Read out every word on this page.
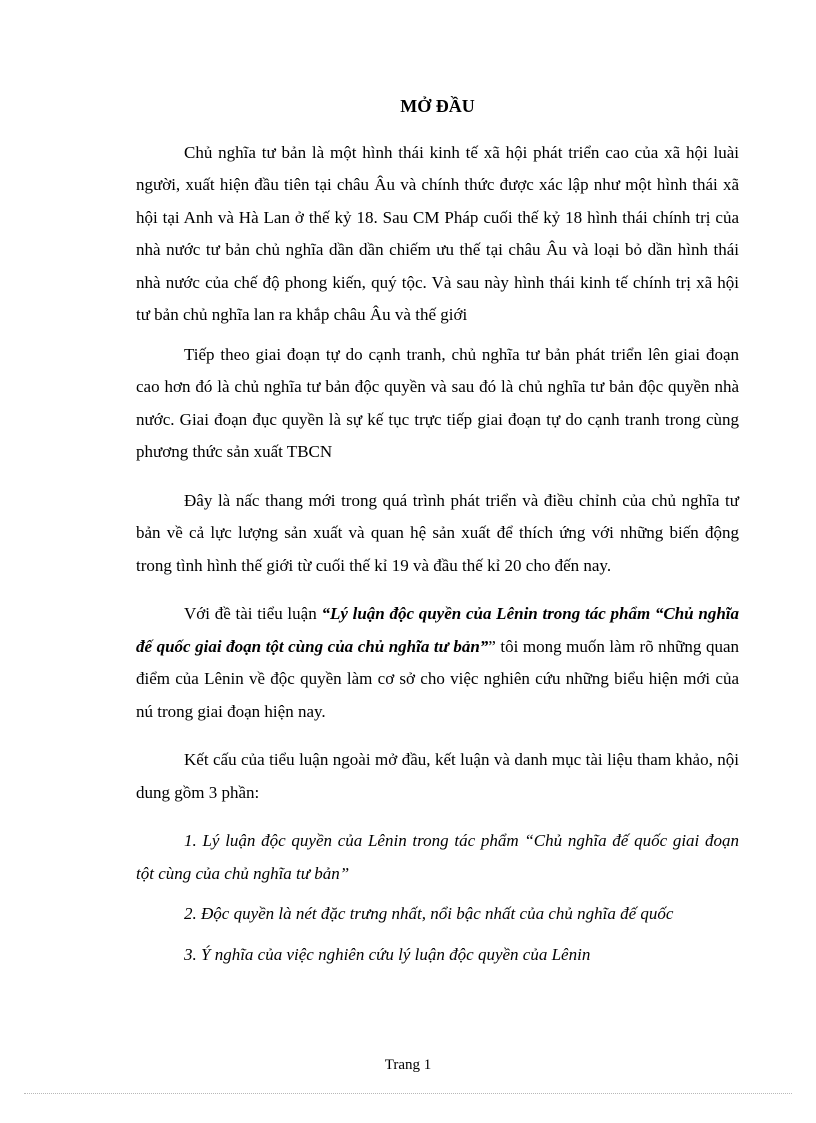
MỞ ĐẦU

Chủ nghĩa tư bản là một hình thái kinh tế xã hội phát triển cao của xã hội luài người, xuất hiện đầu tiên tại châu Âu và chính thức được xác lập như một hình thái xã hội tại Anh và Hà Lan ở thế kỷ 18. Sau CM Pháp cuối thế kỷ 18 hình thái chính trị của nhà nước tư bản chủ nghĩa dần dần chiếm ưu thế tại châu Âu và loại bỏ dần hình thái nhà nước của chế độ phong kiến, quý tộc. Và sau này hình thái kinh tế chính trị xã hội tư bản chủ nghĩa lan ra khắp châu Âu và thế giới

Tiếp theo giai đoạn tự do cạnh tranh, chủ nghĩa tư bản phát triển lên giai đoạn cao hơn đó là chủ nghĩa tư bản độc quyền và sau đó là chủ nghĩa tư bản độc quyền nhà nước. Giai đoạn đục quyền là sự kế tục trực tiếp giai đoạn tự do cạnh tranh trong cùng phương thức sản xuất TBCN

Đây là nấc thang mới trong quá trình phát triển và điều chỉnh của chủ nghĩa tư bản về cả lực lượng sản xuất và quan hệ sản xuất để thích ứng với những biến động trong tình hình thế giới từ cuối thế kỉ 19 và đầu thế kỉ 20 cho đến nay.

Với đề tài tiểu luận “Lý luận độc quyền của Lênin trong tác phẩm “Chủ nghĩa đế quốc giai đoạn tột cùng của chủ nghĩa tư bản”” tôi mong muốn làm rõ những quan điểm của Lênin về độc quyền làm cơ sở cho việc nghiên cứu những biểu hiện mới của nú trong giai đoạn hiện nay.

Kết cấu của tiểu luận ngoài mở đầu, kết luận và danh mục tài liệu tham khảo, nội dung gồm 3 phần:

1. Lý luận độc quyền của Lênin trong tác phẩm “Chủ nghĩa đế quốc giai đoạn tột cùng của chủ nghĩa tư bản”

2. Độc quyền là nét đặc trưng nhất, nổi bậc nhất của chủ nghĩa đế quốc

3. Ý nghĩa của việc nghiên cứu lý luận độc quyền của Lênin

Trang 1
